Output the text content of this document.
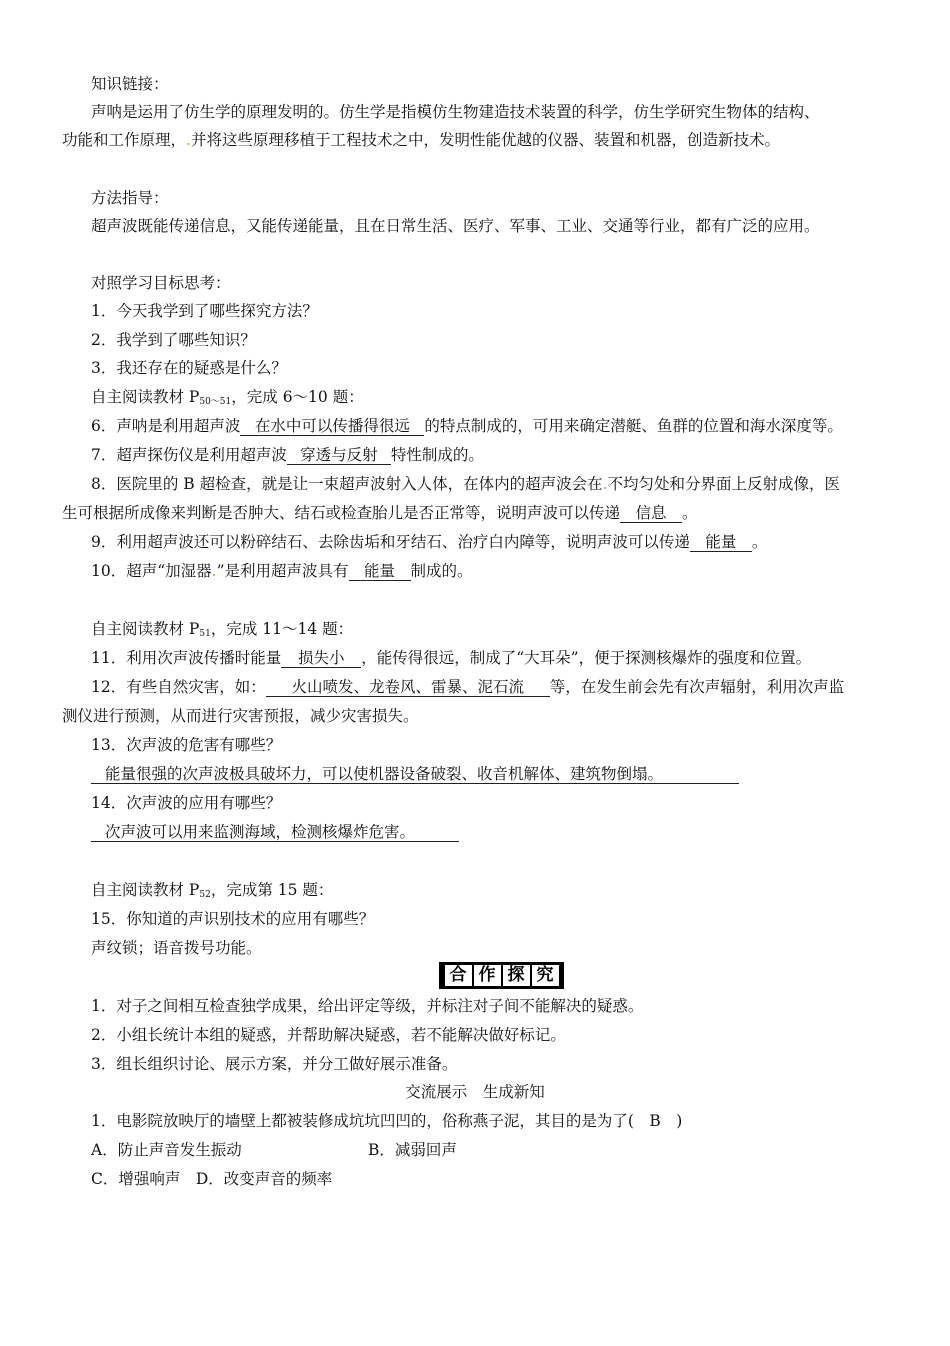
知识链接：
声呐是运用了仿生学的原理发明的。仿生学是指模仿生物建造技术装置的科学，仿生学研究生物体的结构、
功能和工作原理，.并将这些原理移植于工程技术之中，发明性能优越的仪器、装置和机器，创造新技术。
方法指导：
超声波既能传递信息，又能传递能量，且在日常生活、医疗、军事、工业、交通等行业，都有广泛的应用。
对照学习目标思考：
1．今天我学到了哪些探究方法？
2．我学到了哪些知识？
3．我还存在的疑惑是什么？
自主阅读教材 $P_{50\sim 51}$，完成 6～10 题：
6．声呐是利用超声波 在水中可以传播得很远 的特点制成的，可用来确定潜艇、鱼群的位置和海水深度等。
7．超声探伤仪是利用超声波 穿透与反射 特性制成的。
8．医院里的 B 超检查，就是让一束超声波射入人体，在体内的超声波会在.不均匀处和分界面上反射成像，医
生可根据所成像来判断是否肿大、结石或检查胎儿是否正常等，说明声波可以传递 信息 。
9．利用超声波还可以粉碎结石、去除齿垢和牙结石、治疗白内障等，说明声波可以传递 能量 。
10．超声“加湿器.”是利用超声波具有 能量 制成的。
自主阅读教材 $P_{51}$，完成 11～14 题：
11．利用次声波传播时能量 损失小 ，能传得很远，制成了“大耳朵”，便于探测核爆炸的强度和位置。
12．有些自然灾害，如： 火山喷发、龙卷风、雷暴、泥石流 等，在发生前会先有次声辐射，利用次声监
测仪进行预测，从而进行灾害预报，减少灾害损失。
13．次声波的危害有哪些？
能量很强的次声波极具破坏力，可以使机器设备破裂、收音机解体、建筑物倒塌。
14．次声波的应用有哪些？
次声波可以用来监测海域，检测核爆炸危害。
自主阅读教材 $P_{52}$，完成第 15 题：
15．你知道的声识别技术的应用有哪些？
声纹锁；语音拨号功能。
合 作 探 究
1．对子之间相互检查独学成果，给出评定等级，并标注对子间不能解决的疑惑。
2．小组长统计本组的疑惑，并帮助解决疑惑，若不能解决做好标记。
3．组长组织讨论、展示方案，并分工做好展示准备。
交流展示　生成新知
1．电影院放映厅的墙壁上都被装修成坑坑凹凹的，俗称燕子泥，其目的是为了(　B　)
A．防止声音发生振动	B．减弱回声
C．增强响声　D．改变声音的频率
